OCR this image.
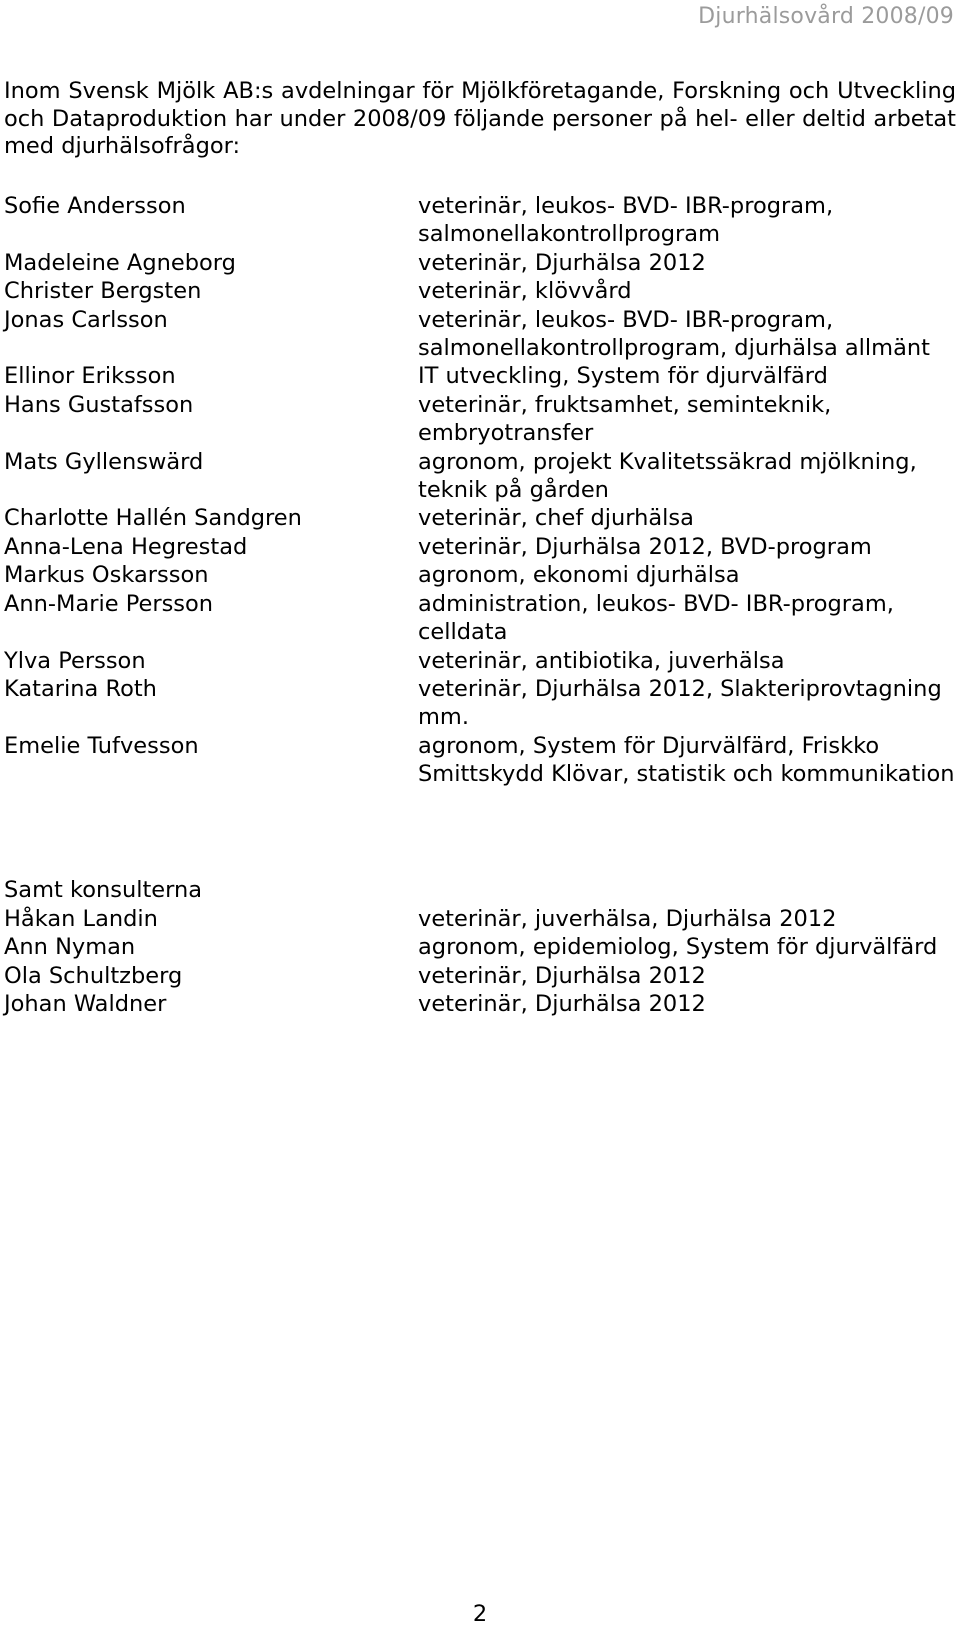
Djurhälsovård 2008/09
Inom Svensk Mjölk AB:s avdelningar för Mjölkföretagande, Forskning och Utveckling och Dataproduktion har under 2008/09 följande personer på hel- eller deltid arbetat med djurhälsofrågor:
Sofie Andersson	veterinär, leukos- BVD- IBR-program, salmonellakontrollprogram
Madeleine Agneborg	veterinär, Djurhälsa 2012
Christer Bergsten	veterinär, klövvård
Jonas Carlsson	veterinär, leukos- BVD- IBR-program, salmonellakontrollprogram, djurhälsa allmänt
Ellinor Eriksson	IT utveckling, System för djurvälfärd
Hans Gustafsson	veterinär, fruktsamhet, seminteknik, embryotransfer
Mats Gyllenswärd	agronom, projekt Kvalitetssäkrad mjölkning, teknik på gården
Charlotte Hallén Sandgren	veterinär, chef djurhälsa
Anna-Lena Hegrestad	veterinär, Djurhälsa 2012, BVD-program
Markus Oskarsson	agronom, ekonomi djurhälsa
Ann-Marie Persson	administration, leukos- BVD- IBR-program, celldata
Ylva Persson	veterinär, antibiotika, juverhälsa
Katarina Roth	veterinär, Djurhälsa 2012, Slakteriprovtagning mm.
Emelie Tufvesson	agronom, System för Djurvälfärd, Friskko Smittskydd Klövar, statistik och kommunikation
Samt konsulterna
Håkan Landin	veterinär, juverhälsa, Djurhälsa 2012
Ann Nyman	agronom, epidemiolog, System för djurvälfärd
Ola Schultzberg	veterinär, Djurhälsa 2012
Johan Waldner	veterinär, Djurhälsa 2012
2
